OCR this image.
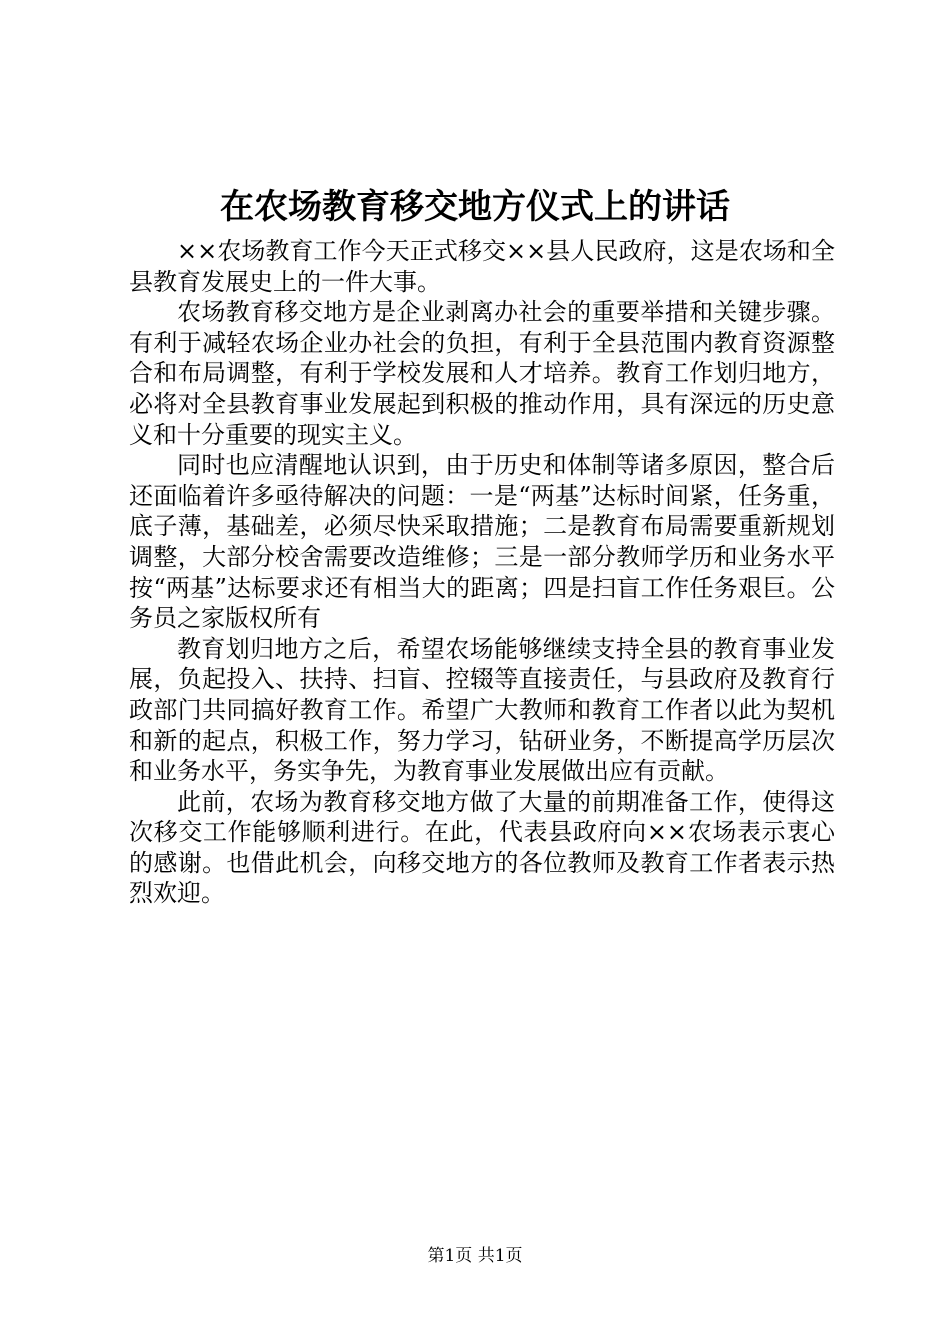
在农场教育移交地方仪式上的讲话

××农场教育工作今天正式移交××县人民政府，这是农场和全县教育发展史上的一件大事。

农场教育移交地方是企业剥离办社会的重要举措和关键步骤。有利于减轻农场企业办社会的负担，有利于全县范围内教育资源整合和布局调整，有利于学校发展和人才培养。教育工作划归地方，必将对全县教育事业发展起到积极的推动作用，具有深远的历史意义和十分重要的现实主义。

同时也应清醒地认识到，由于历史和体制等诸多原因，整合后还面临着许多亟待解决的问题：一是“两基”达标时间紧，任务重，底子薄，基础差，必须尽快采取措施；二是教育布局需要重新规划调整，大部分校舍需要改造维修；三是一部分教师学历和业务水平按“两基”达标要求还有相当大的距离；四是扫盲工作任务艰巨。公务员之家版权所有

教育划归地方之后，希望农场能够继续支持全县的教育事业发展，负起投入、扶持、扫盲、控辍等直接责任，与县政府及教育行政部门共同搞好教育工作。希望广大教师和教育工作者以此为契机和新的起点，积极工作，努力学习，钻研业务，不断提高学历层次和业务水平，务实争先，为教育事业发展做出应有贡献。

此前，农场为教育移交地方做了大量的前期准备工作，使得这次移交工作能够顺利进行。在此，代表县政府向××农场表示衷心的感谢。也借此机会，向移交地方的各位教师及教育工作者表示热烈欢迎。

第1页 共1页
